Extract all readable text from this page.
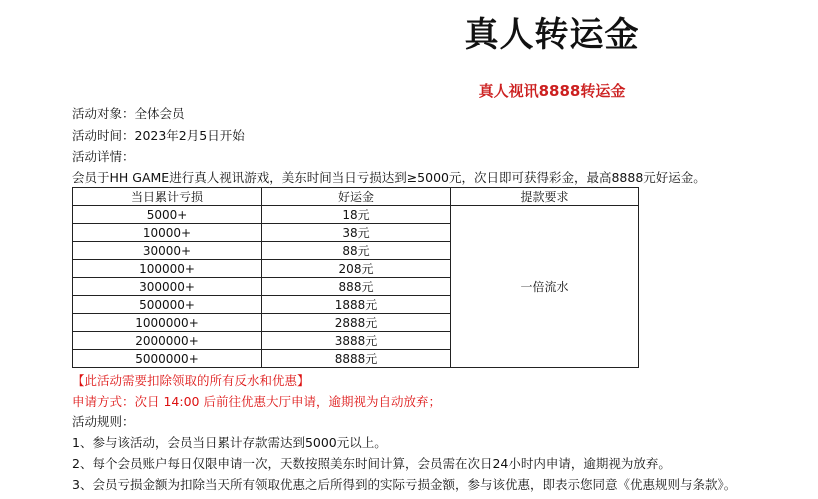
真人转运金
真人视讯8888转运金
活动对象：全体会员
活动时间：2023年2月5日开始
活动详情：
会员于HH GAME进行真人视讯游戏，美东时间当日亏损达到≥5000元，次日即可获得彩金，最高8888元好运金。
当日累计亏损	好运金	提款要求
5000+	18元	一倍流水
10000+	38元	
30000+	88元	
100000+	208元	
300000+	888元	
500000+	1888元	
1000000+	2888元	
2000000+	3888元	
5000000+	8888元	
【此活动需要扣除领取的所有反水和优惠】
申请方式：次日 14:00 后前往优惠大厅申请，逾期视为自动放弃；
活动规则：
1、参与该活动，会员当日累计存款需达到5000元以上。
2、每个会员账户每日仅限申请一次，天数按照美东时间计算，会员需在次日24小时内申请，逾期视为放弃。
3、会员亏损金额为扣除当天所有领取优惠之后所得到的实际亏损金额，参与该优惠，即表示您同意《优惠规则与条款》。
